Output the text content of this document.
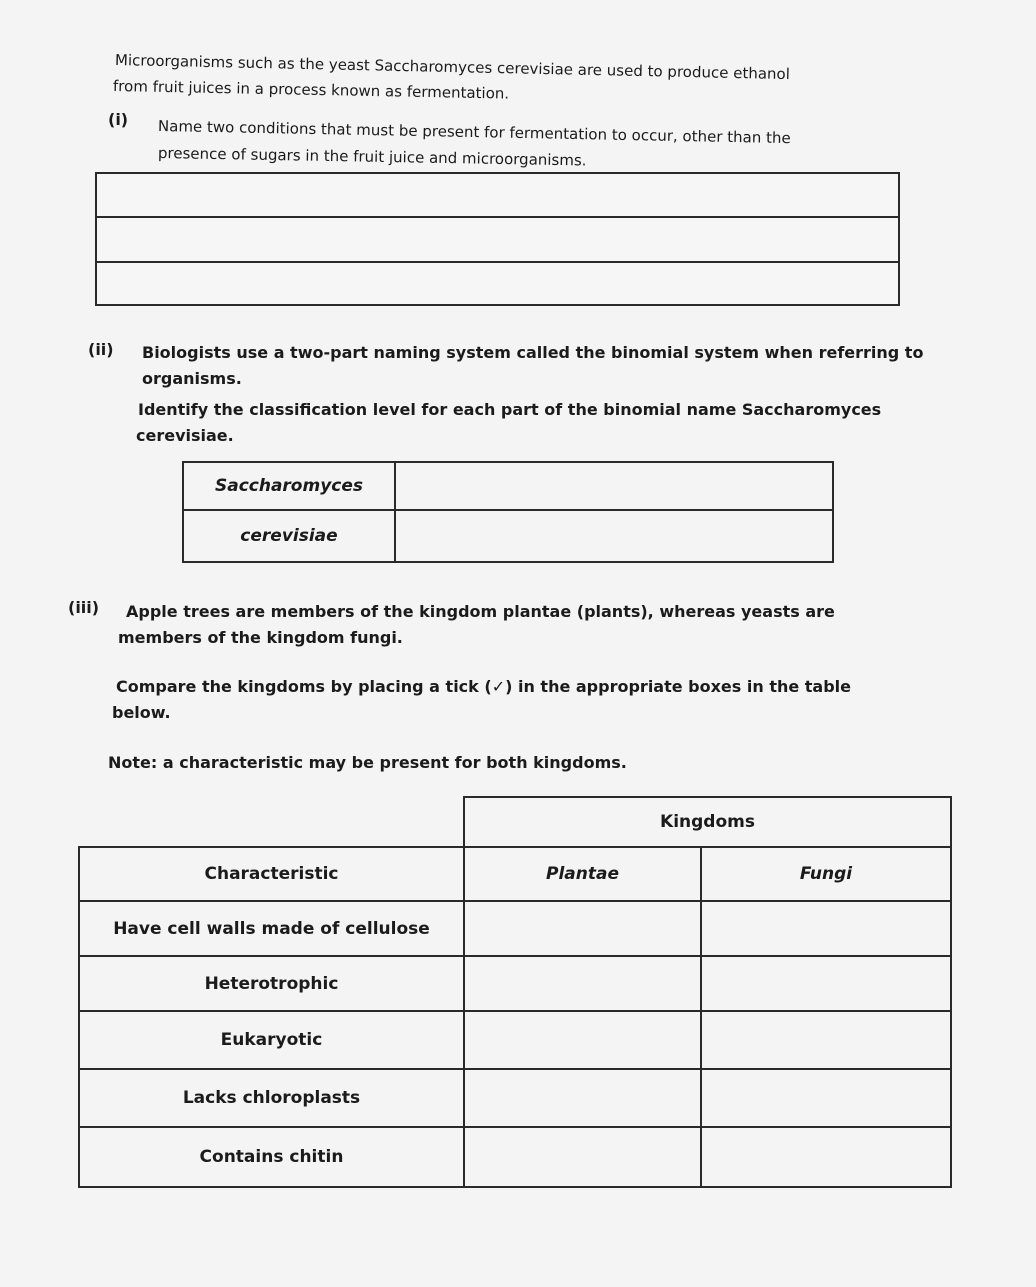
Microorganisms such as the yeast Saccharomyces cerevisiae are used to produce ethanol
from fruit juices in a process known as fermentation.
(i) Name two conditions that must be present for fermentation to occur, other than the
presence of sugars in the fruit juice and microorganisms.
(ii) Biologists use a two-part naming system called the binomial system when referring to
organisms.
Identify the classification level for each part of the binomial name Saccharomyces
cerevisiae.
Saccharomyces	
cerevisiae	
(iii) Apple trees are members of the kingdom plantae (plants), whereas yeasts are
members of the kingdom fungi.
Compare the kingdoms by placing a tick (✓) in the appropriate boxes in the table
below.
Note: a characteristic may be present for both kingdoms.
	Kingdoms	
Characteristic	Plantae	Fungi
Have cell walls made of cellulose		
Heterotrophic		
Eukaryotic		
Lacks chloroplasts		
Contains chitin		
